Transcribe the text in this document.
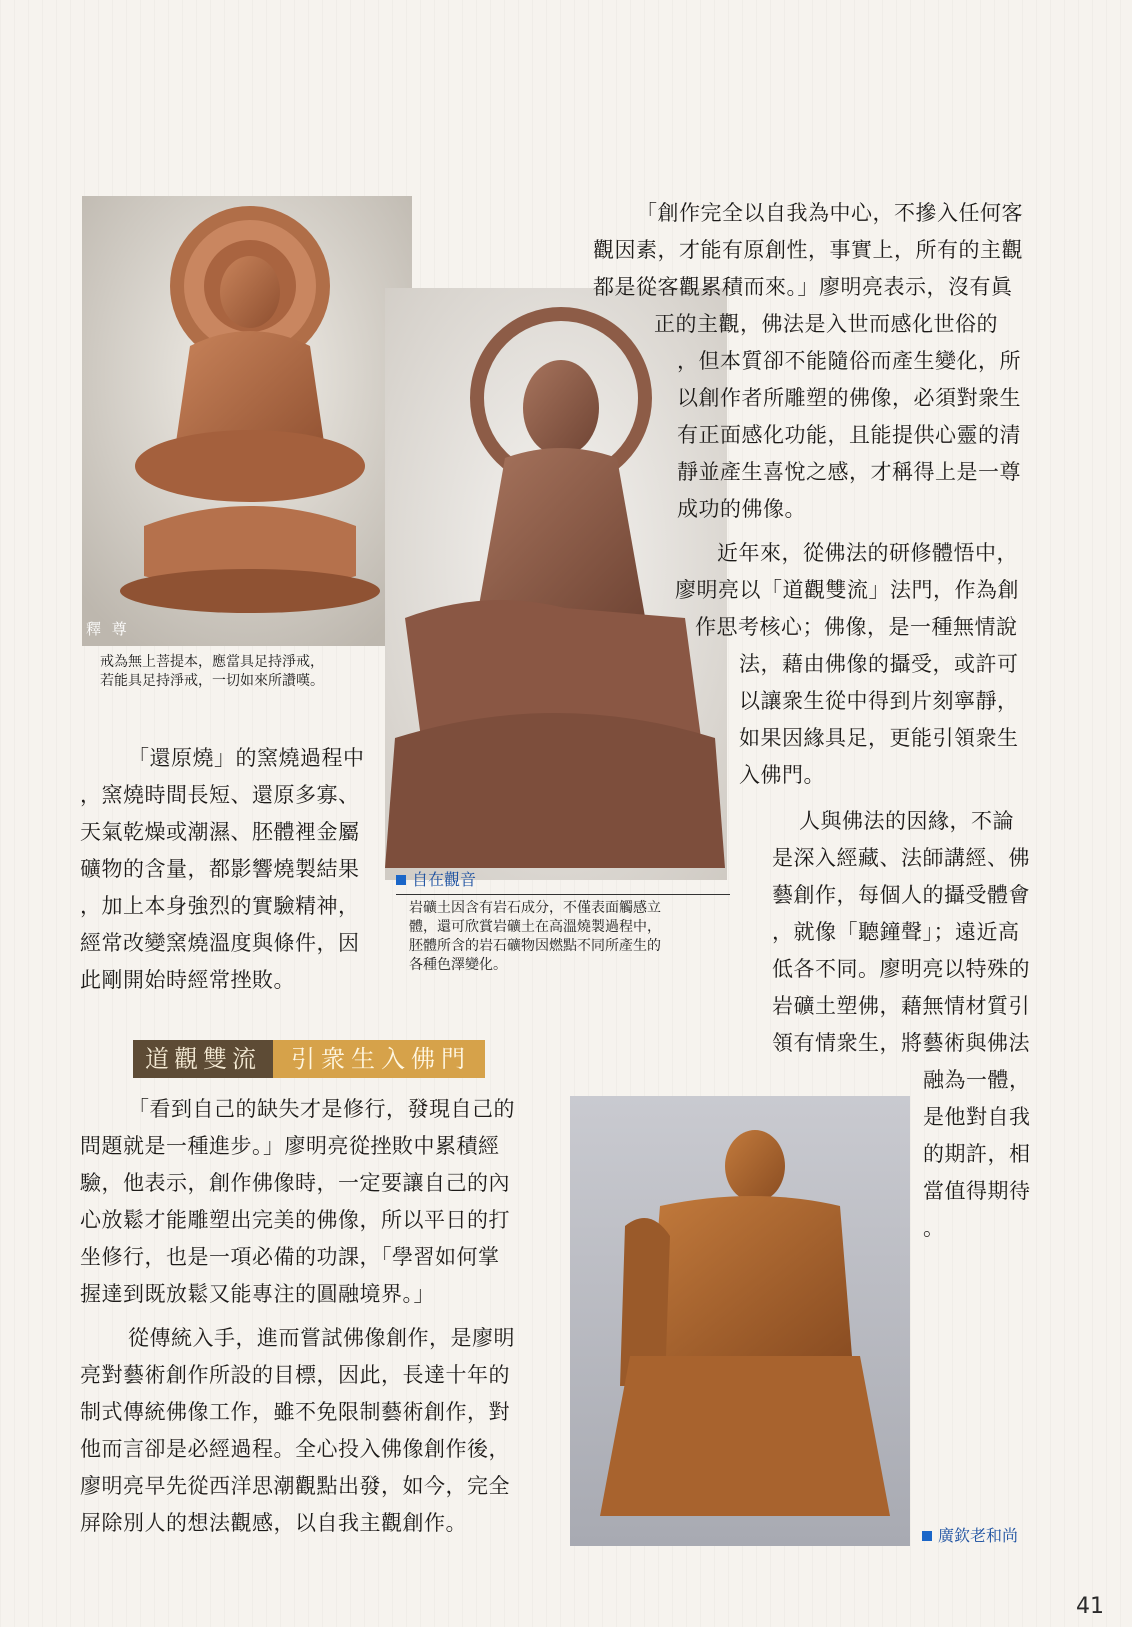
釋 尊
戒為無上菩提本，應當具足持淨戒，
若能具足持淨戒，一切如來所讚嘆。
自在觀音
岩礦土因含有岩石成分，不僅表面觸感立
體，還可欣賞岩礦土在高溫燒製過程中，
胚體所含的岩石礦物因燃點不同所產生的
各種色澤變化。
廣欽老和尚
「創作完全以自我為中心，不摻入任何客
觀因素，才能有原創性，事實上，所有的主觀
都是從客觀累積而來。」廖明亮表示，沒有眞
正的主觀，佛法是入世而感化世俗的
，但本質卻不能隨俗而產生變化，所
以創作者所雕塑的佛像，必須對衆生
有正面感化功能，且能提供心靈的清
靜並產生喜悅之感，才稱得上是一尊
成功的佛像。
近年來，從佛法的研修體悟中，
廖明亮以「道觀雙流」法門，作為創
作思考核心；佛像，是一種無情說
法，藉由佛像的攝受，或許可
以讓衆生從中得到片刻寧靜，
如果因緣具足，更能引領衆生
入佛門。
人與佛法的因緣，不論
是深入經藏、法師講經、佛
藝創作，每個人的攝受體會
，就像「聽鐘聲」；遠近高
低各不同。廖明亮以特殊的
岩礦土塑佛，藉無情材質引
領有情衆生，將藝術與佛法
融為一體，
是他對自我
的期許，相
當值得期待
。
「還原燒」的窯燒過程中
，窯燒時間長短、還原多寡、
天氣乾燥或潮濕、胚體裡金屬
礦物的含量，都影響燒製結果
，加上本身強烈的實驗精神，
經常改變窯燒溫度與條件，因
此剛開始時經常挫敗。
道觀雙流	引衆生入佛門
「看到自己的缺失才是修行，發現自己的
問題就是一種進步。」廖明亮從挫敗中累積經
驗，他表示，創作佛像時，一定要讓自己的內
心放鬆才能雕塑出完美的佛像，所以平日的打
坐修行，也是一項必備的功課，「學習如何掌
握達到既放鬆又能專注的圓融境界。」
從傳統入手，進而嘗試佛像創作，是廖明
亮對藝術創作所設的目標，因此，長達十年的
制式傳統佛像工作，雖不免限制藝術創作，對
他而言卻是必經過程。全心投入佛像創作後，
廖明亮早先從西洋思潮觀點出發，如今，完全
屏除別人的想法觀感，以自我主觀創作。
41
